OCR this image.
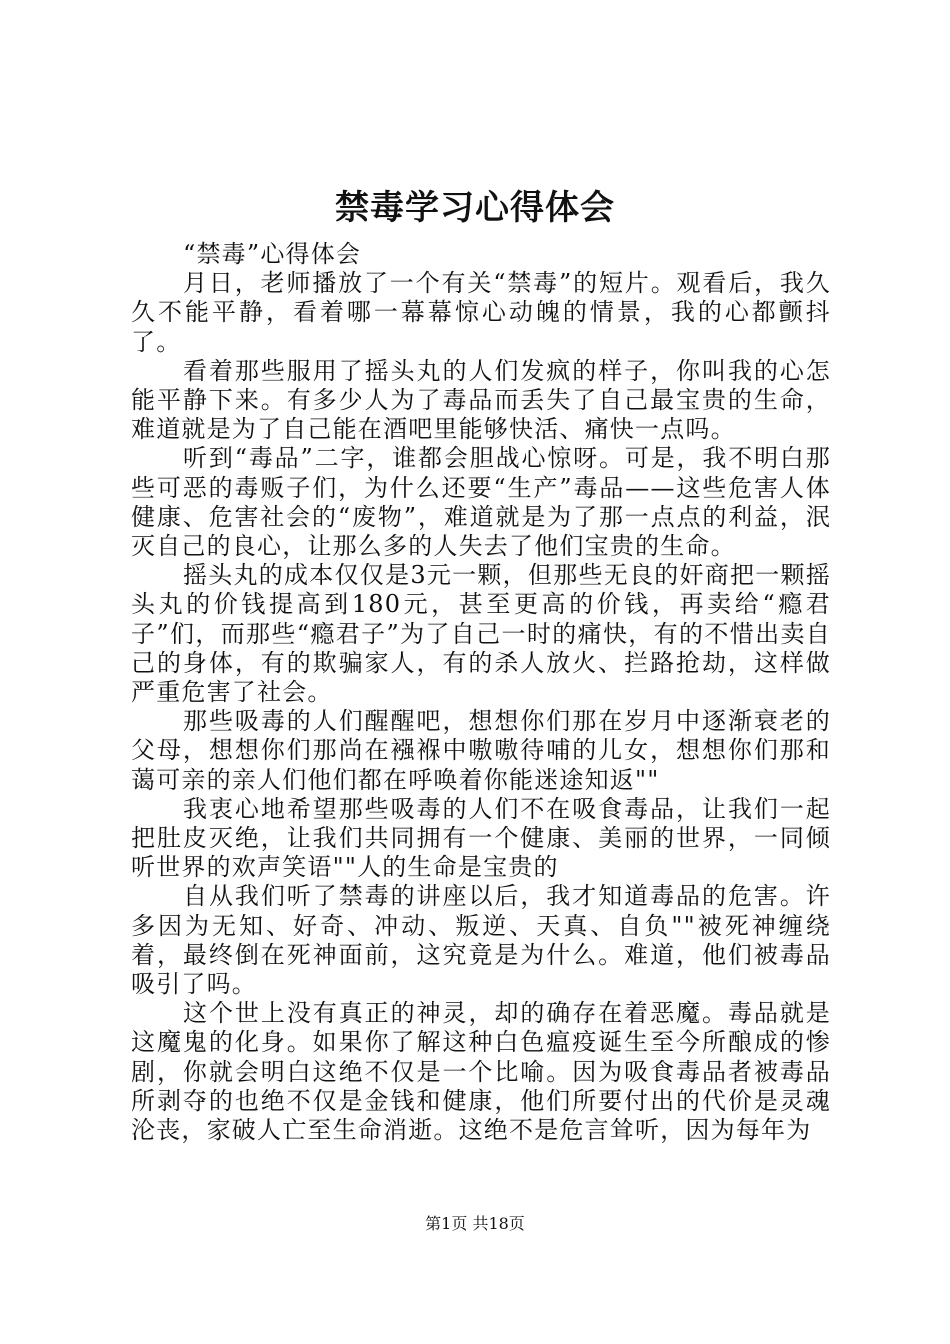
禁毒学习心得体会

“禁毒”心得体会

月日，老师播放了一个有关“禁毒”的短片。观看后，我久久不能平静，看着哪一幕幕惊心动魄的情景，我的心都颤抖了。

看着那些服用了摇头丸的人们发疯的样子，你叫我的心怎能平静下来。有多少人为了毒品而丢失了自己最宝贵的生命，难道就是为了自己能在酒吧里能够快活、痛快一点吗。

听到“毒品”二字，谁都会胆战心惊呀。可是，我不明白那些可恶的毒贩子们，为什么还要“生产”毒品——这些危害人体健康、危害社会的“废物”，难道就是为了那一点点的利益，泯灭自己的良心，让那么多的人失去了他们宝贵的生命。

摇头丸的成本仅仅是3元一颗，但那些无良的奸商把一颗摇头丸的价钱提高到180元，甚至更高的价钱，再卖给“瘾君子”们，而那些“瘾君子”为了自己一时的痛快，有的不惜出卖自己的身体，有的欺骗家人，有的杀人放火、拦路抢劫，这样做严重危害了社会。

那些吸毒的人们醒醒吧，想想你们那在岁月中逐渐衰老的父母，想想你们那尚在襁褓中嗷嗷待哺的儿女，想想你们那和蔼可亲的亲人们他们都在呼唤着你能迷途知返""

我衷心地希望那些吸毒的人们不在吸食毒品，让我们一起把肚皮灭绝，让我们共同拥有一个健康、美丽的世界，一同倾听世界的欢声笑语""人的生命是宝贵的

自从我们听了禁毒的讲座以后，我才知道毒品的危害。许多因为无知、好奇、冲动、叛逆、天真、自负""被死神缠绕着，最终倒在死神面前，这究竟是为什么。难道，他们被毒品吸引了吗。

这个世上没有真正的神灵，却的确存在着恶魔。毒品就是这魔鬼的化身。如果你了解这种白色瘟疫诞生至今所酿成的惨剧，你就会明白这绝不仅是一个比喻。因为吸食毒品者被毒品所剥夺的也绝不仅是金钱和健康，他们所要付出的代价是灵魂沦丧，家破人亡至生命消逝。这绝不是危言耸听，因为每年为

第1页 共18页
